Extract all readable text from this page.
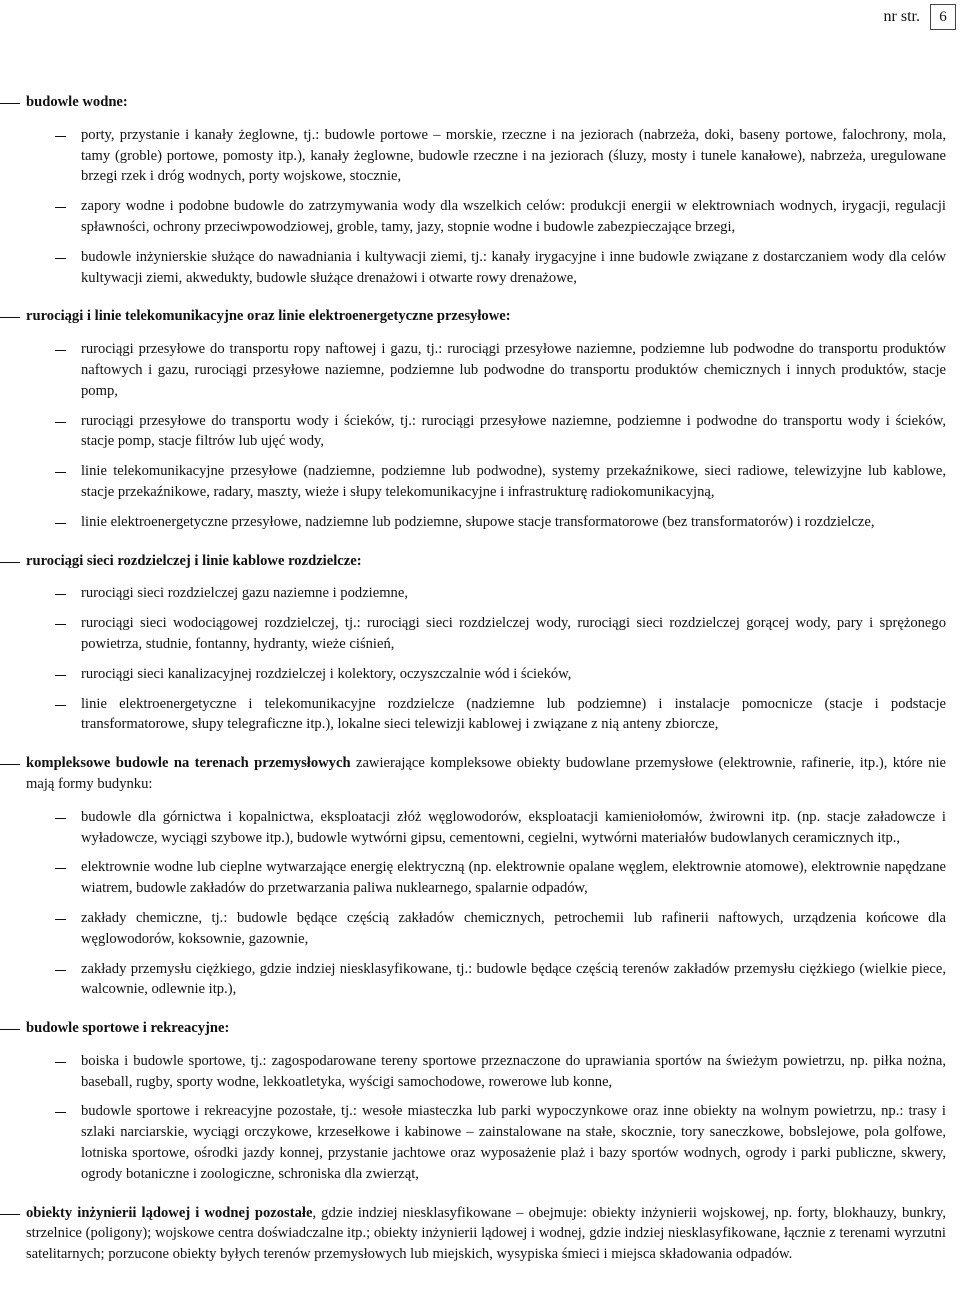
nr str.	6
budowle wodne:
porty, przystanie i kanały żeglowne, tj.: budowle portowe – morskie, rzeczne i na jeziorach (nabrzeża, doki, baseny portowe, falochrony, mola, tamy (groble) portowe, pomosty itp.), kanały żeglowne, budowle rzeczne i na jeziorach (śluzy, mosty i tunele kanałowe), nabrzeża, uregulowane brzegi rzek i dróg wodnych, porty wojskowe, stocznie,
zapory wodne i podobne budowle do zatrzymywania wody dla wszelkich celów: produkcji energii w elektrowniach wodnych, irygacji, regulacji spławności, ochrony przeciwpowodziowej, groble, tamy, jazy, stopnie wodne i budowle zabezpieczające brzegi,
budowle inżynierskie służące do nawadniania i kultywacji ziemi, tj.: kanały irygacyjne i inne budowle związane z dostarczaniem wody dla celów kultywacji ziemi, akwedukty, budowle służące drenażowi i otwarte rowy drenażowe,
rurociągi i linie telekomunikacyjne oraz linie elektroenergetyczne przesyłowe:
rurociągi przesyłowe do transportu ropy naftowej i gazu, tj.: rurociągi przesyłowe naziemne, podziemne lub podwodne do transportu produktów naftowych i gazu, rurociągi przesyłowe naziemne, podziemne lub podwodne do transportu produktów chemicznych i innych produktów, stacje pomp,
rurociągi przesyłowe do transportu wody i ścieków, tj.: rurociągi przesyłowe naziemne, podziemne i podwodne do transportu wody i ścieków, stacje pomp, stacje filtrów lub ujęć wody,
linie telekomunikacyjne przesyłowe (nadziemne, podziemne lub podwodne), systemy przekaźnikowe, sieci radiowe, telewizyjne lub kablowe, stacje przekaźnikowe, radary, maszty, wieże i słupy telekomunikacyjne i infrastrukturę radiokomunikacyjną,
linie elektroenergetyczne przesyłowe, nadziemne lub podziemne, słupowe stacje transformatorowe (bez transformatorów) i rozdzielcze,
rurociągi sieci rozdzielczej i linie kablowe rozdzielcze:
rurociągi sieci rozdzielczej gazu naziemne i podziemne,
rurociągi sieci wodociągowej rozdzielczej, tj.: rurociągi sieci rozdzielczej wody, rurociągi sieci rozdzielczej gorącej wody, pary i sprężonego powietrza, studnie, fontanny, hydranty, wieże ciśnień,
rurociągi sieci kanalizacyjnej rozdzielczej i kolektory, oczyszczalnie wód i ścieków,
linie elektroenergetyczne i telekomunikacyjne rozdzielcze (nadziemne lub podziemne) i instalacje pomocnicze (stacje i podstacje transformatorowe, słupy telegraficzne itp.), lokalne sieci telewizji kablowej i związane z nią anteny zbiorcze,
kompleksowe budowle na terenach przemysłowych zawierające kompleksowe obiekty budowlane przemysłowe (elektrownie, rafinerie, itp.), które nie mają formy budynku:
budowle dla górnictwa i kopalnictwa, eksploatacji złóż węglowodorów, eksploatacji kamieniołomów, żwirowni itp. (np. stacje załadowcze i wyładowcze, wyciągi szybowe itp.), budowle wytwórni gipsu, cementowni, cegielni, wytwórni materiałów budowlanych ceramicznych itp.,
elektrownie wodne lub cieplne wytwarzające energię elektryczną (np. elektrownie opalane węglem, elektrownie atomowe), elektrownie napędzane wiatrem, budowle zakładów do przetwarzania paliwa nuklearnego, spalarnie odpadów,
zakłady chemiczne, tj.: budowle będące częścią zakładów chemicznych, petrochemii lub rafinerii naftowych, urządzenia końcowe dla węglowodorów, koksownie, gazownie,
zakłady przemysłu ciężkiego, gdzie indziej niesklasyfikowane, tj.: budowle będące częścią terenów zakładów przemysłu ciężkiego (wielkie piece, walcownie, odlewnie itp.),
budowle sportowe i rekreacyjne:
boiska i budowle sportowe, tj.: zagospodarowane tereny sportowe przeznaczone do uprawiania sportów na świeżym powietrzu, np. piłka nożna, baseball, rugby, sporty wodne, lekkoatletyka, wyścigi samochodowe, rowerowe lub konne,
budowle sportowe i rekreacyjne pozostałe, tj.: wesołe miasteczka lub parki wypoczynkowe oraz inne obiekty na wolnym powietrzu, np.: trasy i szlaki narciarskie, wyciągi orczykowe, krzesełkowe i kabinowe – zainstalowane na stałe, skocznie, tory saneczkowe, bobslejowe, pola golfowe, lotniska sportowe, ośrodki jazdy konnej, przystanie jachtowe oraz wyposażenie plaż i bazy sportów wodnych, ogrody i parki publiczne, skwery, ogrody botaniczne i zoologiczne, schroniska dla zwierząt,
obiekty inżynierii lądowej i wodnej pozostałe, gdzie indziej niesklasyfikowane – obejmuje: obiekty inżynierii wojskowej, np. forty, blokhauzy, bunkry, strzelnice (poligony); wojskowe centra doświadczalne itp.; obiekty inżynierii lądowej i wodnej, gdzie indziej niesklasyfikowane, łącznie z terenami wyrzutni satelitarnych; porzucone obiekty byłych terenów przemysłowych lub miejskich, wysypiska śmieci i miejsca składowania odpadów.
